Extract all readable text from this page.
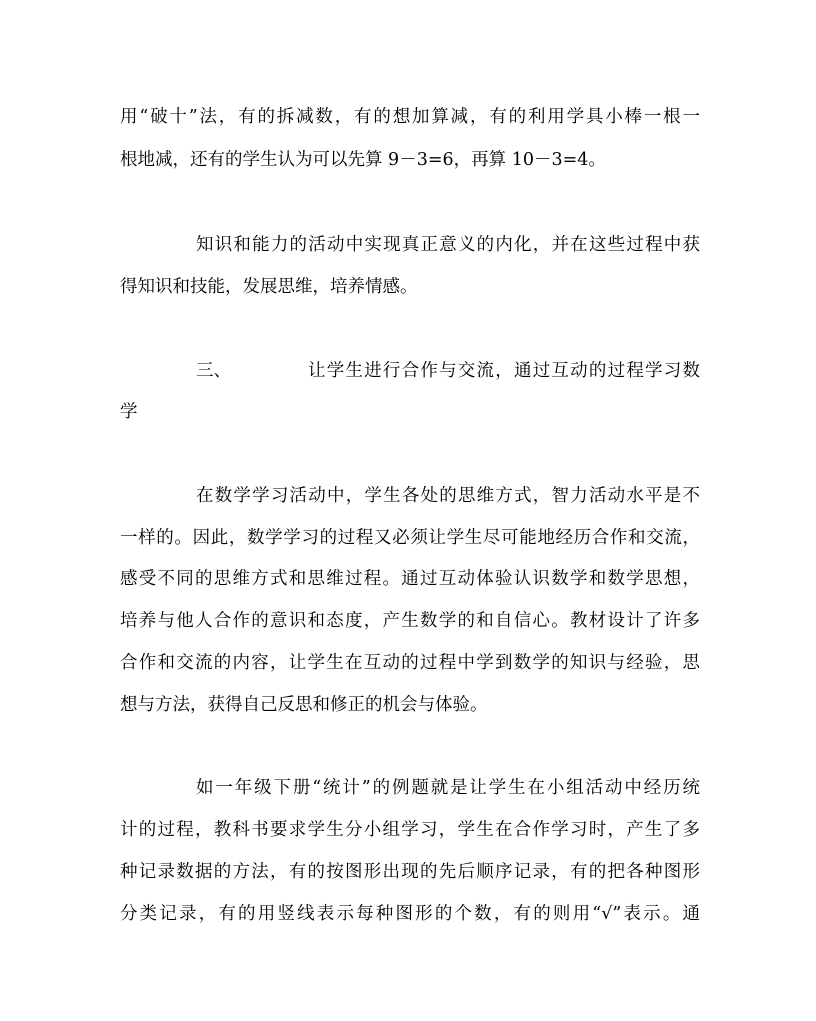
用“破十”法，有的拆减数，有的想加算减，有的利用学具小棒一根一
根地减，还有的学生认为可以先算 9－3=6，再算 10－3=4。
知识和能力的活动中实现真正意义的内化，并在这些过程中获
得知识和技能，发展思维，培养情感。
三、	让学生进行合作与交流，通过互动的过程学习数
学
在数学学习活动中，学生各处的思维方式，智力活动水平是不
一样的。因此，数学学习的过程又必须让学生尽可能地经历合作和交流，
感受不同的思维方式和思维过程。通过互动体验认识数学和数学思想，
培养与他人合作的意识和态度，产生数学的和自信心。教材设计了许多
合作和交流的内容，让学生在互动的过程中学到数学的知识与经验，思
想与方法，获得自己反思和修正的机会与体验。
如一年级下册“统计”的例题就是让学生在小组活动中经历统
计的过程，教科书要求学生分小组学习，学生在合作学习时，产生了多
种记录数据的方法，有的按图形出现的先后顺序记录，有的把各种图形
分类记录，有的用竖线表示每种图形的个数，有的则用“√”表示。通
